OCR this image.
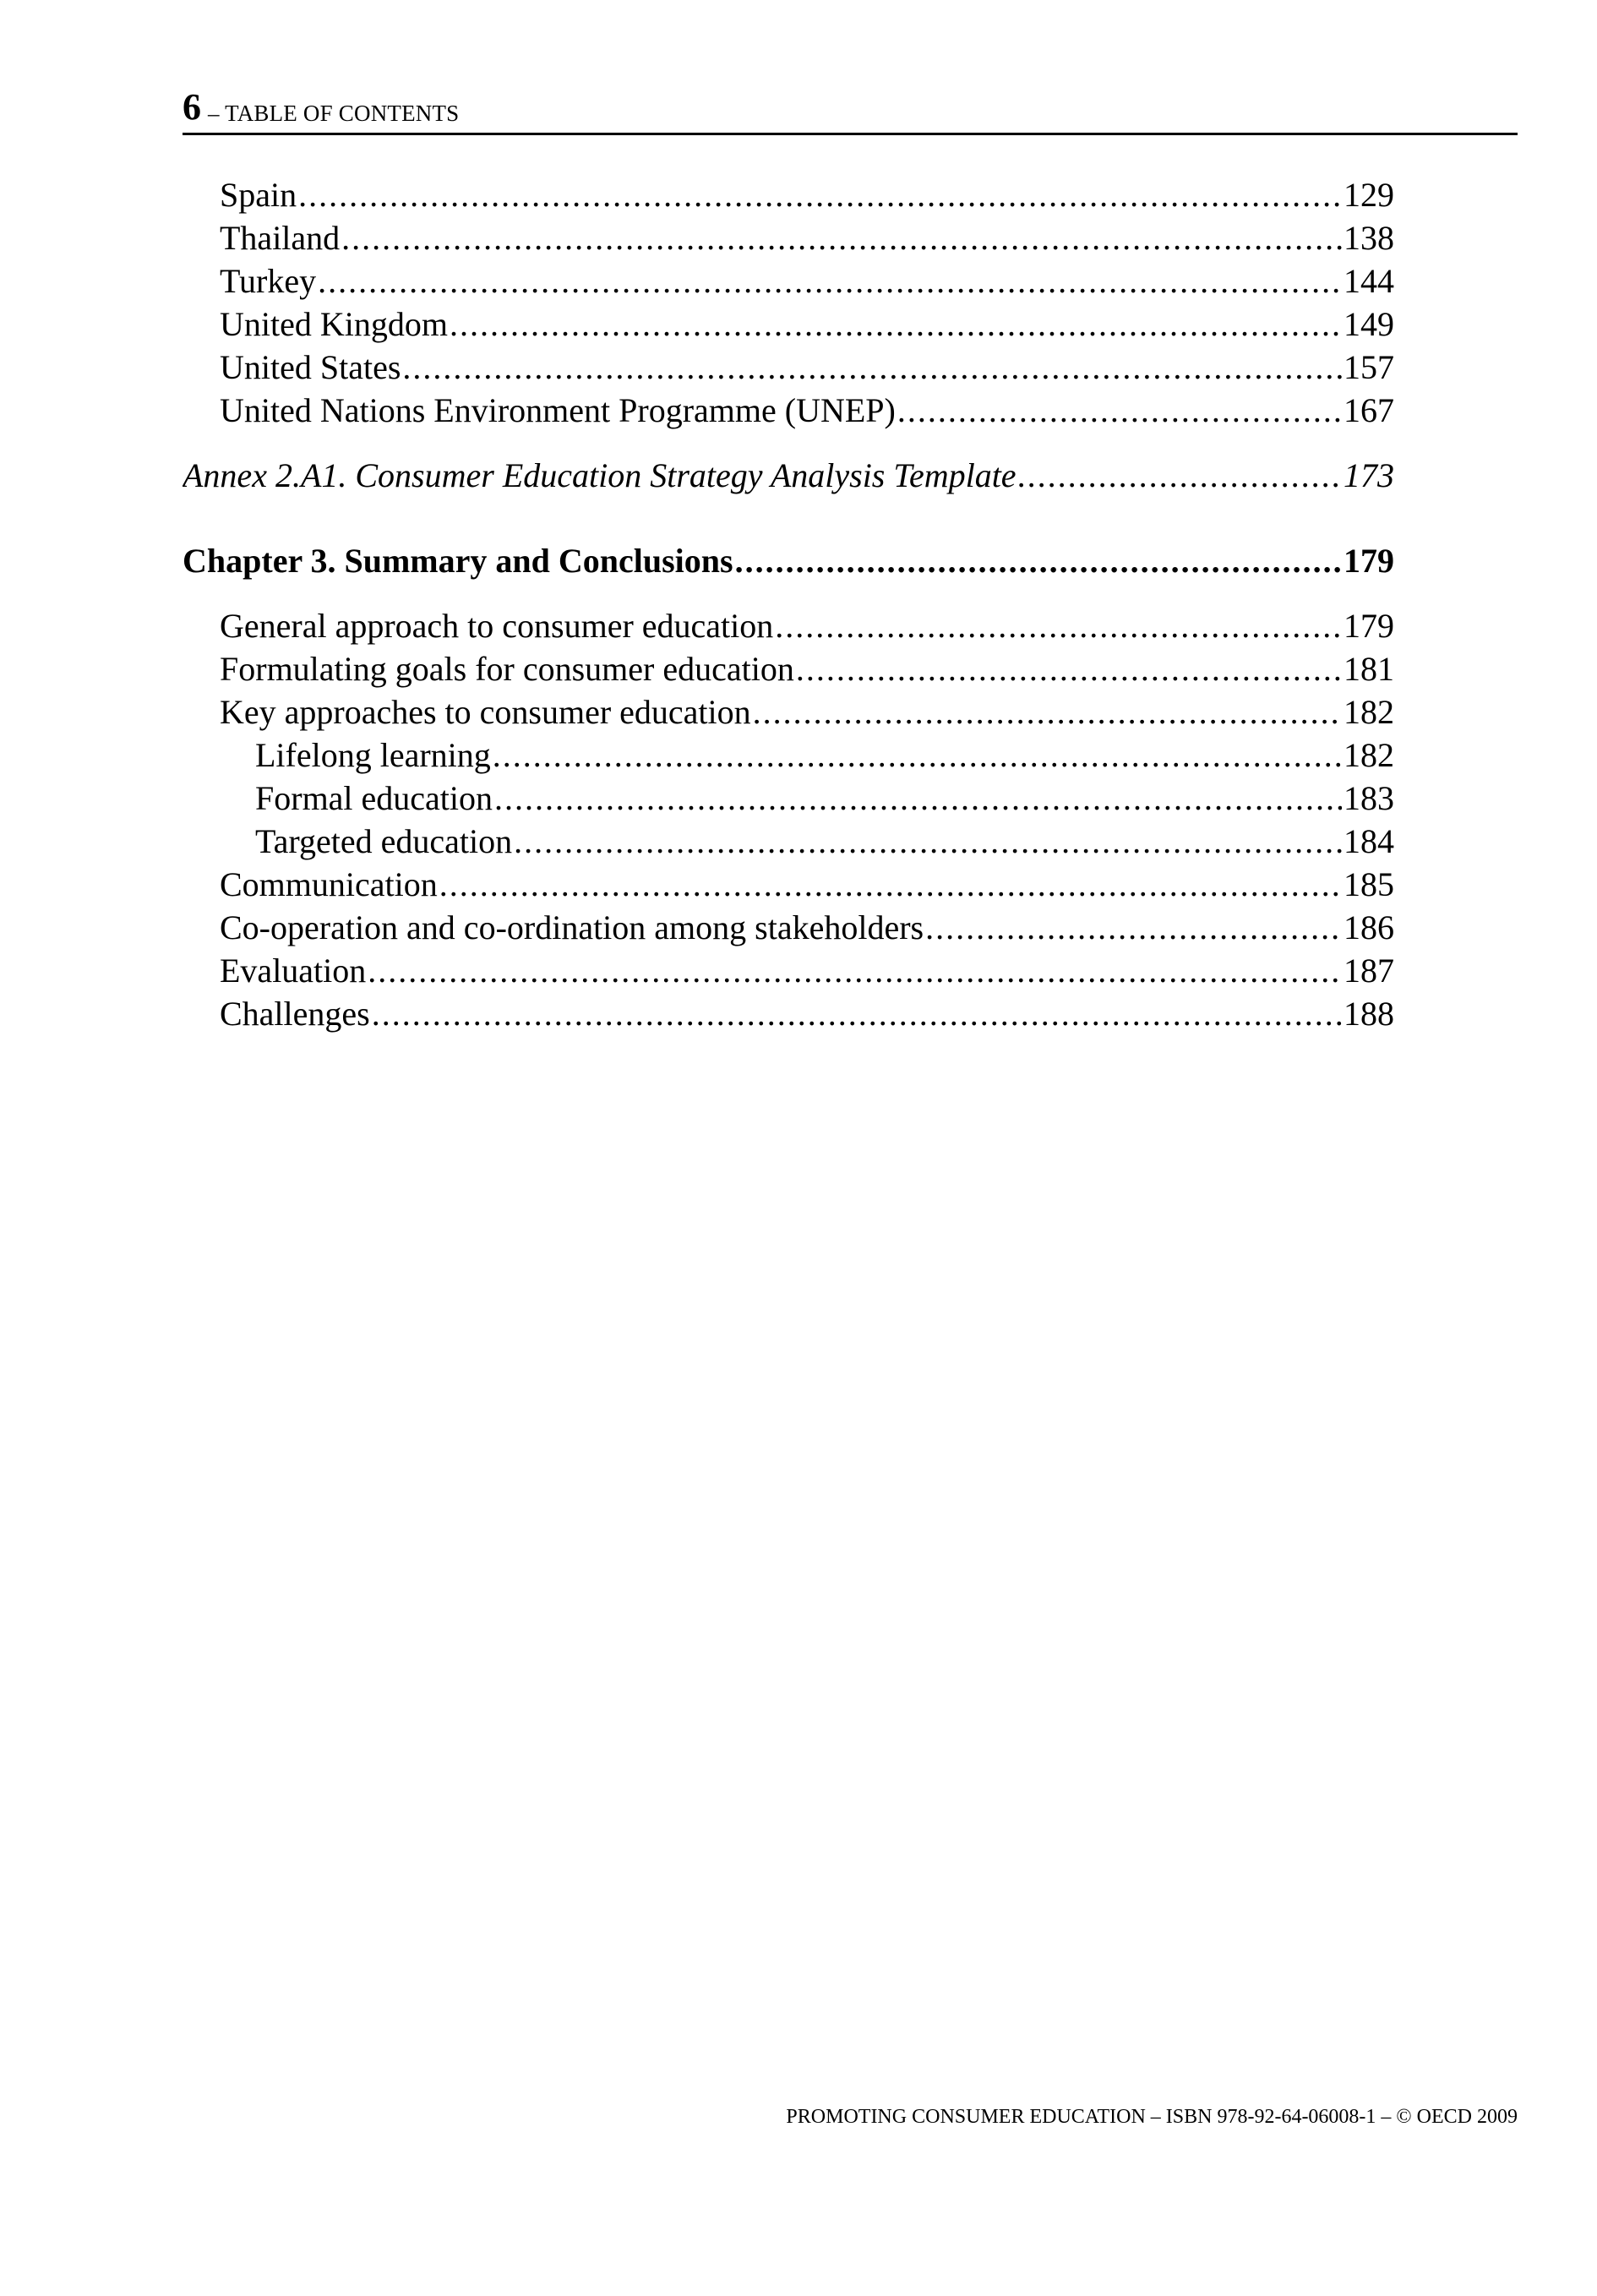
6 – TABLE OF CONTENTS
Spain .....	129
Thailand .....	138
Turkey .....	144
United Kingdom .....	149
United States .....	157
United Nations Environment Programme (UNEP) .....	167
Annex 2.A1. Consumer Education Strategy Analysis Template .....	173
Chapter 3. Summary and Conclusions .....	179
General approach to consumer education .....	179
Formulating goals for consumer education .....	181
Key approaches to consumer education .....	182
Lifelong learning .....	182
Formal education .....	183
Targeted education .....	184
Communication .....	185
Co-operation and co-ordination among stakeholders .....	186
Evaluation .....	187
Challenges .....	188
PROMOTING CONSUMER EDUCATION – ISBN 978-92-64-06008-1 – © OECD 2009
